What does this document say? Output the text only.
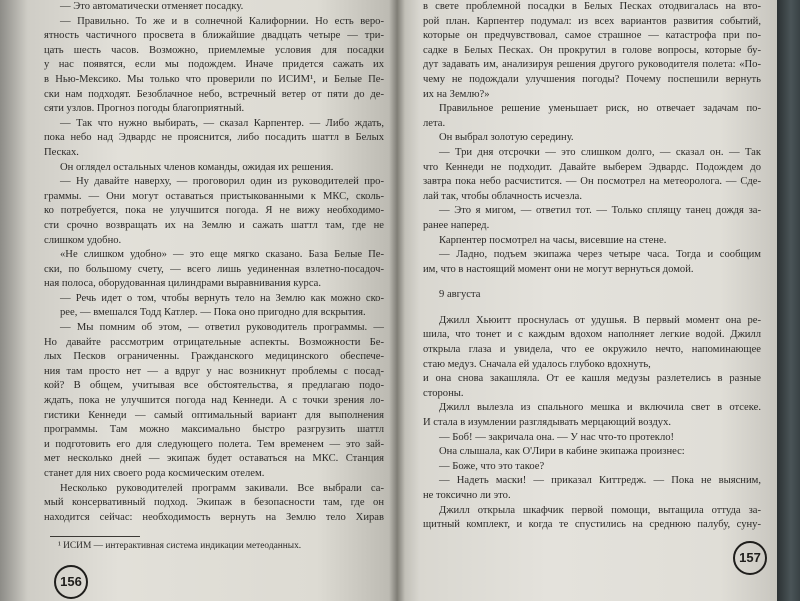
— Это автоматически отменяет посадку.
— Правильно. То же и в солнечной Калифорнии. Но есть веро-
ятность частичного просвета в ближайшие двадцать четыре — три-
цать шесть часов. Возможно, приемлемые условия для посадки
у нас появятся, если мы подождем. Иначе придется сажать их
в Нью-Мексико. Мы только что проверили по ИСИМ¹, и Белые Пе-
ски нам подходят. Безоблачное небо, встречный ветер от пяти до де-
сяти узлов. Прогноз погоды благоприятный.
— Так что нужно выбирать, — сказал Карпентер. — Либо ждать,
пока небо над Эдвардс не прояснится, либо посадить шаттл в Белых
Песках.
Он оглядел остальных членов команды, ожидая их решения.
— Ну давайте наверху, — проговорил один из руководителей про-
граммы. — Они могут оставаться пристыкованными к МКС, сколь-
ко потребуется, пока не улучшится погода. Я не вижу необходимо-
сти срочно возвращать их на Землю и сажать шаттл там, где не
слишком удобно.
«Не слишком удобно» — это еще мягко сказано. База Белые Пе-
ски, по большому счету, — всего лишь уединенная взлетно-посадоч-
ная полоса, оборудованная цилиндрами выравнивания курса.
— Речь идет о том, чтобы вернуть тело на Землю как можно ско-
рее, — вмешался Тодд Катлер. — Пока оно пригодно для вскрытия.
— Мы помним об этом, — ответил руководитель программы. —
Но давайте рассмотрим отрицательные аспекты. Возможности Бе-
лых Песков ограниченны. Гражданского медицинского обеспече-
ния там просто нет — а вдруг у нас возникнут проблемы с посад-
кой? В общем, учитывая все обстоятельства, я предлагаю подо-
ждать, пока не улучшится погода над Кеннеди. А с точки зрения ло-
гистики Кеннеди — самый оптимальный вариант для выполнения
программы. Там можно максимально быстро разгрузить шаттл
и подготовить его для следующего полета. Тем временем — это зай-
мет несколько дней — экипаж будет оставаться на МКС. Станция
станет для них своего рода космическим отелем.
Несколько руководителей программ закивали. Все выбрали са-
мый консервативный подход. Экипаж в безопасности там, где он
находится сейчас: необходимость вернуть на Землю тело Хирав
¹ ИСИМ — интерактивная система индикации метеоданных.
156
в свете проблемной посадки в Белых Песках отодвигалась на вто-
рой план. Карпентер подумал: из всех вариантов развития событий,
которые он предчувствовал, самое страшное — катастрофа при по-
садке в Белых Песках. Он прокрутил в голове вопросы, которые бу-
дут задавать им, анализируя решения другого руководителя полета: «По-
чему не подождали улучшения погоды? Почему поспешили вернуть
их на Землю?»
Правильное решение уменьшает риск, но отвечает задачам по-
лета.
Он выбрал золотую середину.
— Три дня отсрочки — это слишком долго, — сказал он. — Так
что Кеннеди не подходит. Давайте выберем Эдвардс. Подождем до
завтра пока небо расчистится. — Он посмотрел на метеоролога. — Сде-
лай так, чтобы облачность исчезла.
— Это я мигом, — ответил тот. — Только сплящу танец дождя за-
ранее наперед.
Карпентер посмотрел на часы, висевшие на стене.
— Ладно, подъем экипажа через четыре часа. Тогда и сообщим
им, что в настоящий момент они не могут вернуться домой.
9 августа
Джилл Хьюитт проснулась от удушья. В первый момент она ре-
шила, что тонет и с каждым вдохом наполняет легкие водой. Джилл
открыла глаза и увидела, что ее окружило нечто, напоминающее
стаю медуз. Сначала ей удалось глубоко вдохнуть,
и она снова закашляла. От ее кашля медузы разлетелись в разные
стороны.
Джилл вылезла из спального мешка и включила свет в отсеке.
И стала в изумлении разглядывать мерцающий воздух.
— Боб! — закричала она. — У нас что-то протекло!
Она слышала, как О'Лири в кабине экипажа произнес:
— Боже, что это такое?
— Надеть маски! — приказал Киттредж. — Пока не выясним,
не токсично ли это.
Джилл открыла шкафчик первой помощи, вытащила оттуда за-
щитный комплект, и когда те спустились на среднюю палубу, суну-
157
